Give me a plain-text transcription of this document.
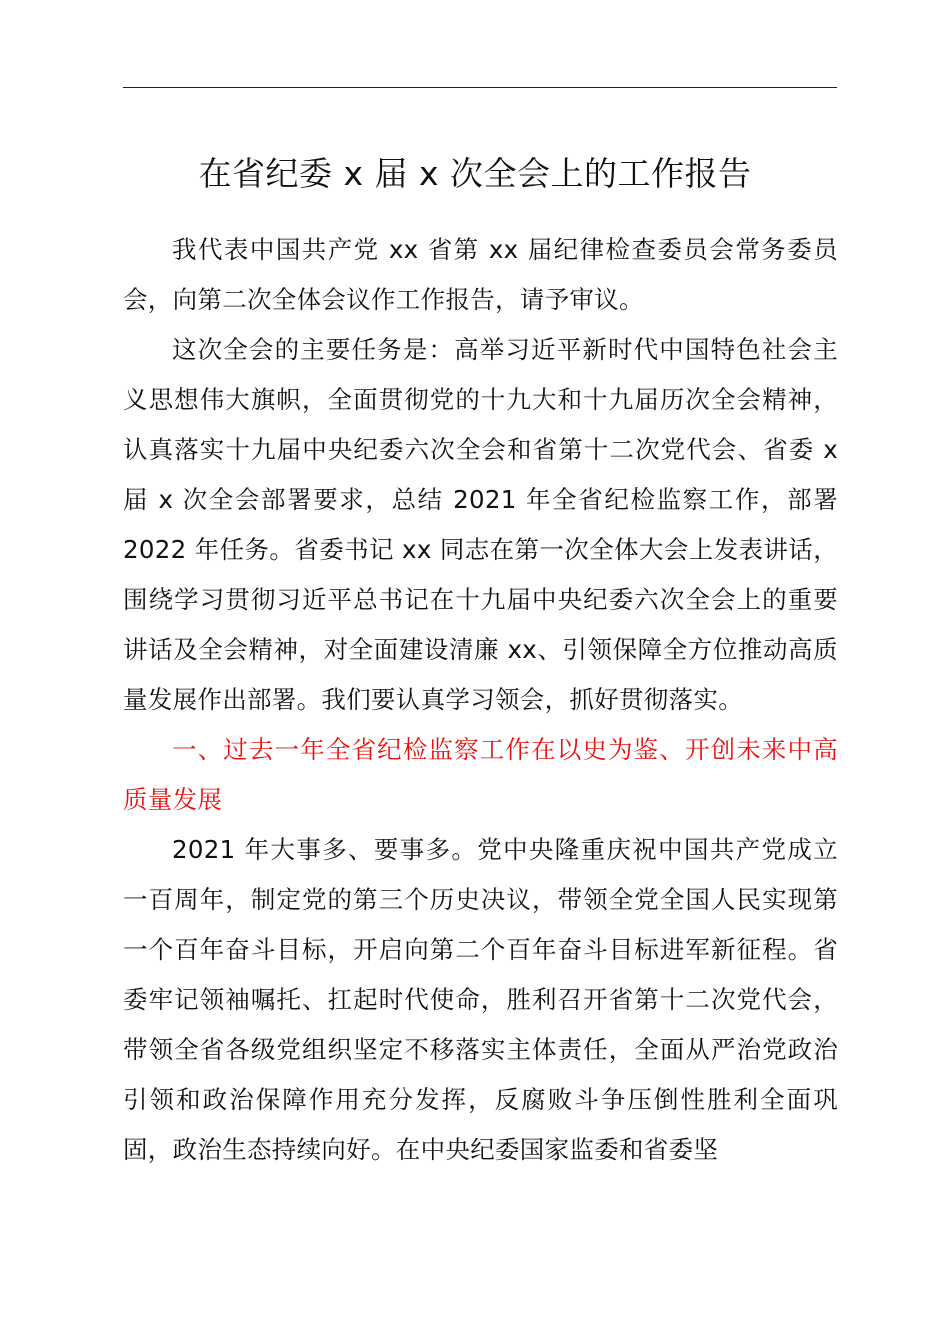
在省纪委 x 届 x 次全会上的工作报告

我代表中国共产党 xx 省第 xx 届纪律检查委员会常务委员会，向第二次全体会议作工作报告，请予审议。

这次全会的主要任务是：高举习近平新时代中国特色社会主义思想伟大旗帜，全面贯彻党的十九大和十九届历次全会精神，认真落实十九届中央纪委六次全会和省第十二次党代会、省委 x 届 x 次全会部署要求，总结 2021 年全省纪检监察工作，部署 2022 年任务。省委书记 xx 同志在第一次全体大会上发表讲话，围绕学习贯彻习近平总书记在十九届中央纪委六次全会上的重要讲话及全会精神，对全面建设清廉 xx、引领保障全方位推动高质量发展作出部署。我们要认真学习领会，抓好贯彻落实。

一、过去一年全省纪检监察工作在以史为鉴、开创未来中高质量发展

2021 年大事多、要事多。党中央隆重庆祝中国共产党成立一百周年，制定党的第三个历史决议，带领全党全国人民实现第一个百年奋斗目标，开启向第二个百年奋斗目标进军新征程。省委牢记领袖嘱托、扛起时代使命，胜利召开省第十二次党代会，带领全省各级党组织坚定不移落实主体责任，全面从严治党政治引领和政治保障作用充分发挥，反腐败斗争压倒性胜利全面巩固，政治生态持续向好。在中央纪委国家监委和省委坚
